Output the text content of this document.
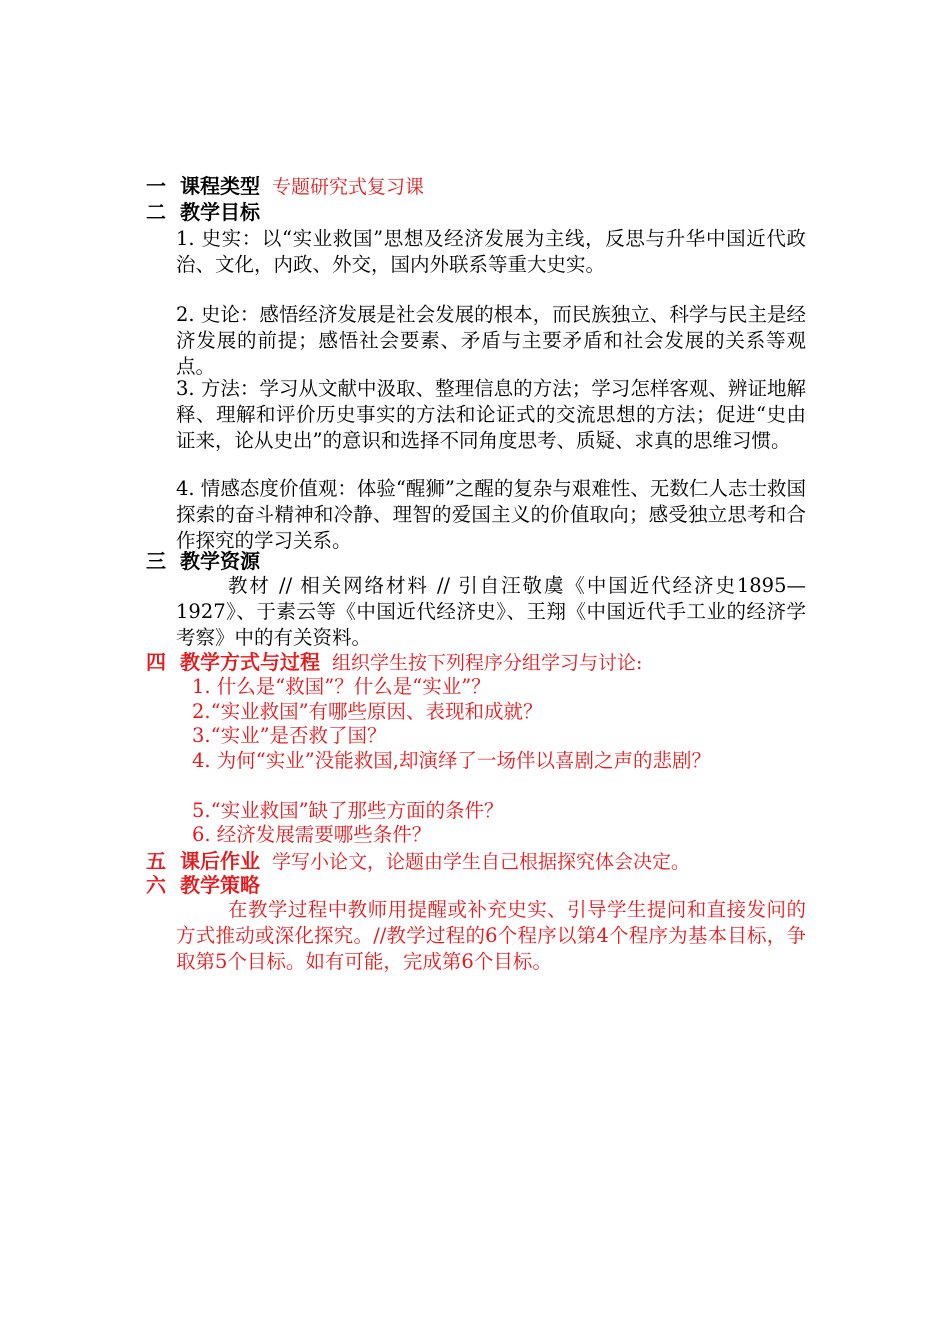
一 课程类型 专题研究式复习课
二 教学目标
1. 史实：以“实业救国”思想及经济发展为主线，反思与升华中国近代政治、文化，内政、外交，国内外联系等重大史实。
2. 史论：感悟经济发展是社会发展的根本，而民族独立、科学与民主是经济发展的前提；感悟社会要素、矛盾与主要矛盾和社会发展的关系等观点。
3. 方法：学习从文献中汲取、整理信息的方法；学习怎样客观、辨证地解释、理解和评价历史事实的方法和论证式的交流思想的方法；促进“史由证来，论从史出”的意识和选择不同角度思考、质疑、求真的思维习惯。
4. 情感态度价值观：体验“醒狮”之醒的复杂与艰难性、无数仁人志士救国探索的奋斗精神和冷静、理智的爱国主义的价值取向；感受独立思考和合作探究的学习关系。
三 教学资源
教材 // 相关网络材料 // 引自汪敬虞《中国近代经济史1895—1927》、于素云等《中国近代经济史》、王翔《中国近代手工业的经济学考察》中的有关资料。
四 教学方式与过程 组织学生按下列程序分组学习与讨论:
1. 什么是“救国”？什么是“实业”？
2.“实业救国”有哪些原因、表现和成就？
3.“实业”是否救了国？
4. 为何“实业”没能救国,却演绎了一场伴以喜剧之声的悲剧？
5.“实业救国”缺了那些方面的条件？
6. 经济发展需要哪些条件？
五 课后作业 学写小论文，论题由学生自己根据探究体会决定。
六 教学策略
在教学过程中教师用提醒或补充史实、引导学生提问和直接发问的方式推动或深化探究。//教学过程的6个程序以第4个程序为基本目标，争取第5个目标。如有可能，完成第6个目标。
